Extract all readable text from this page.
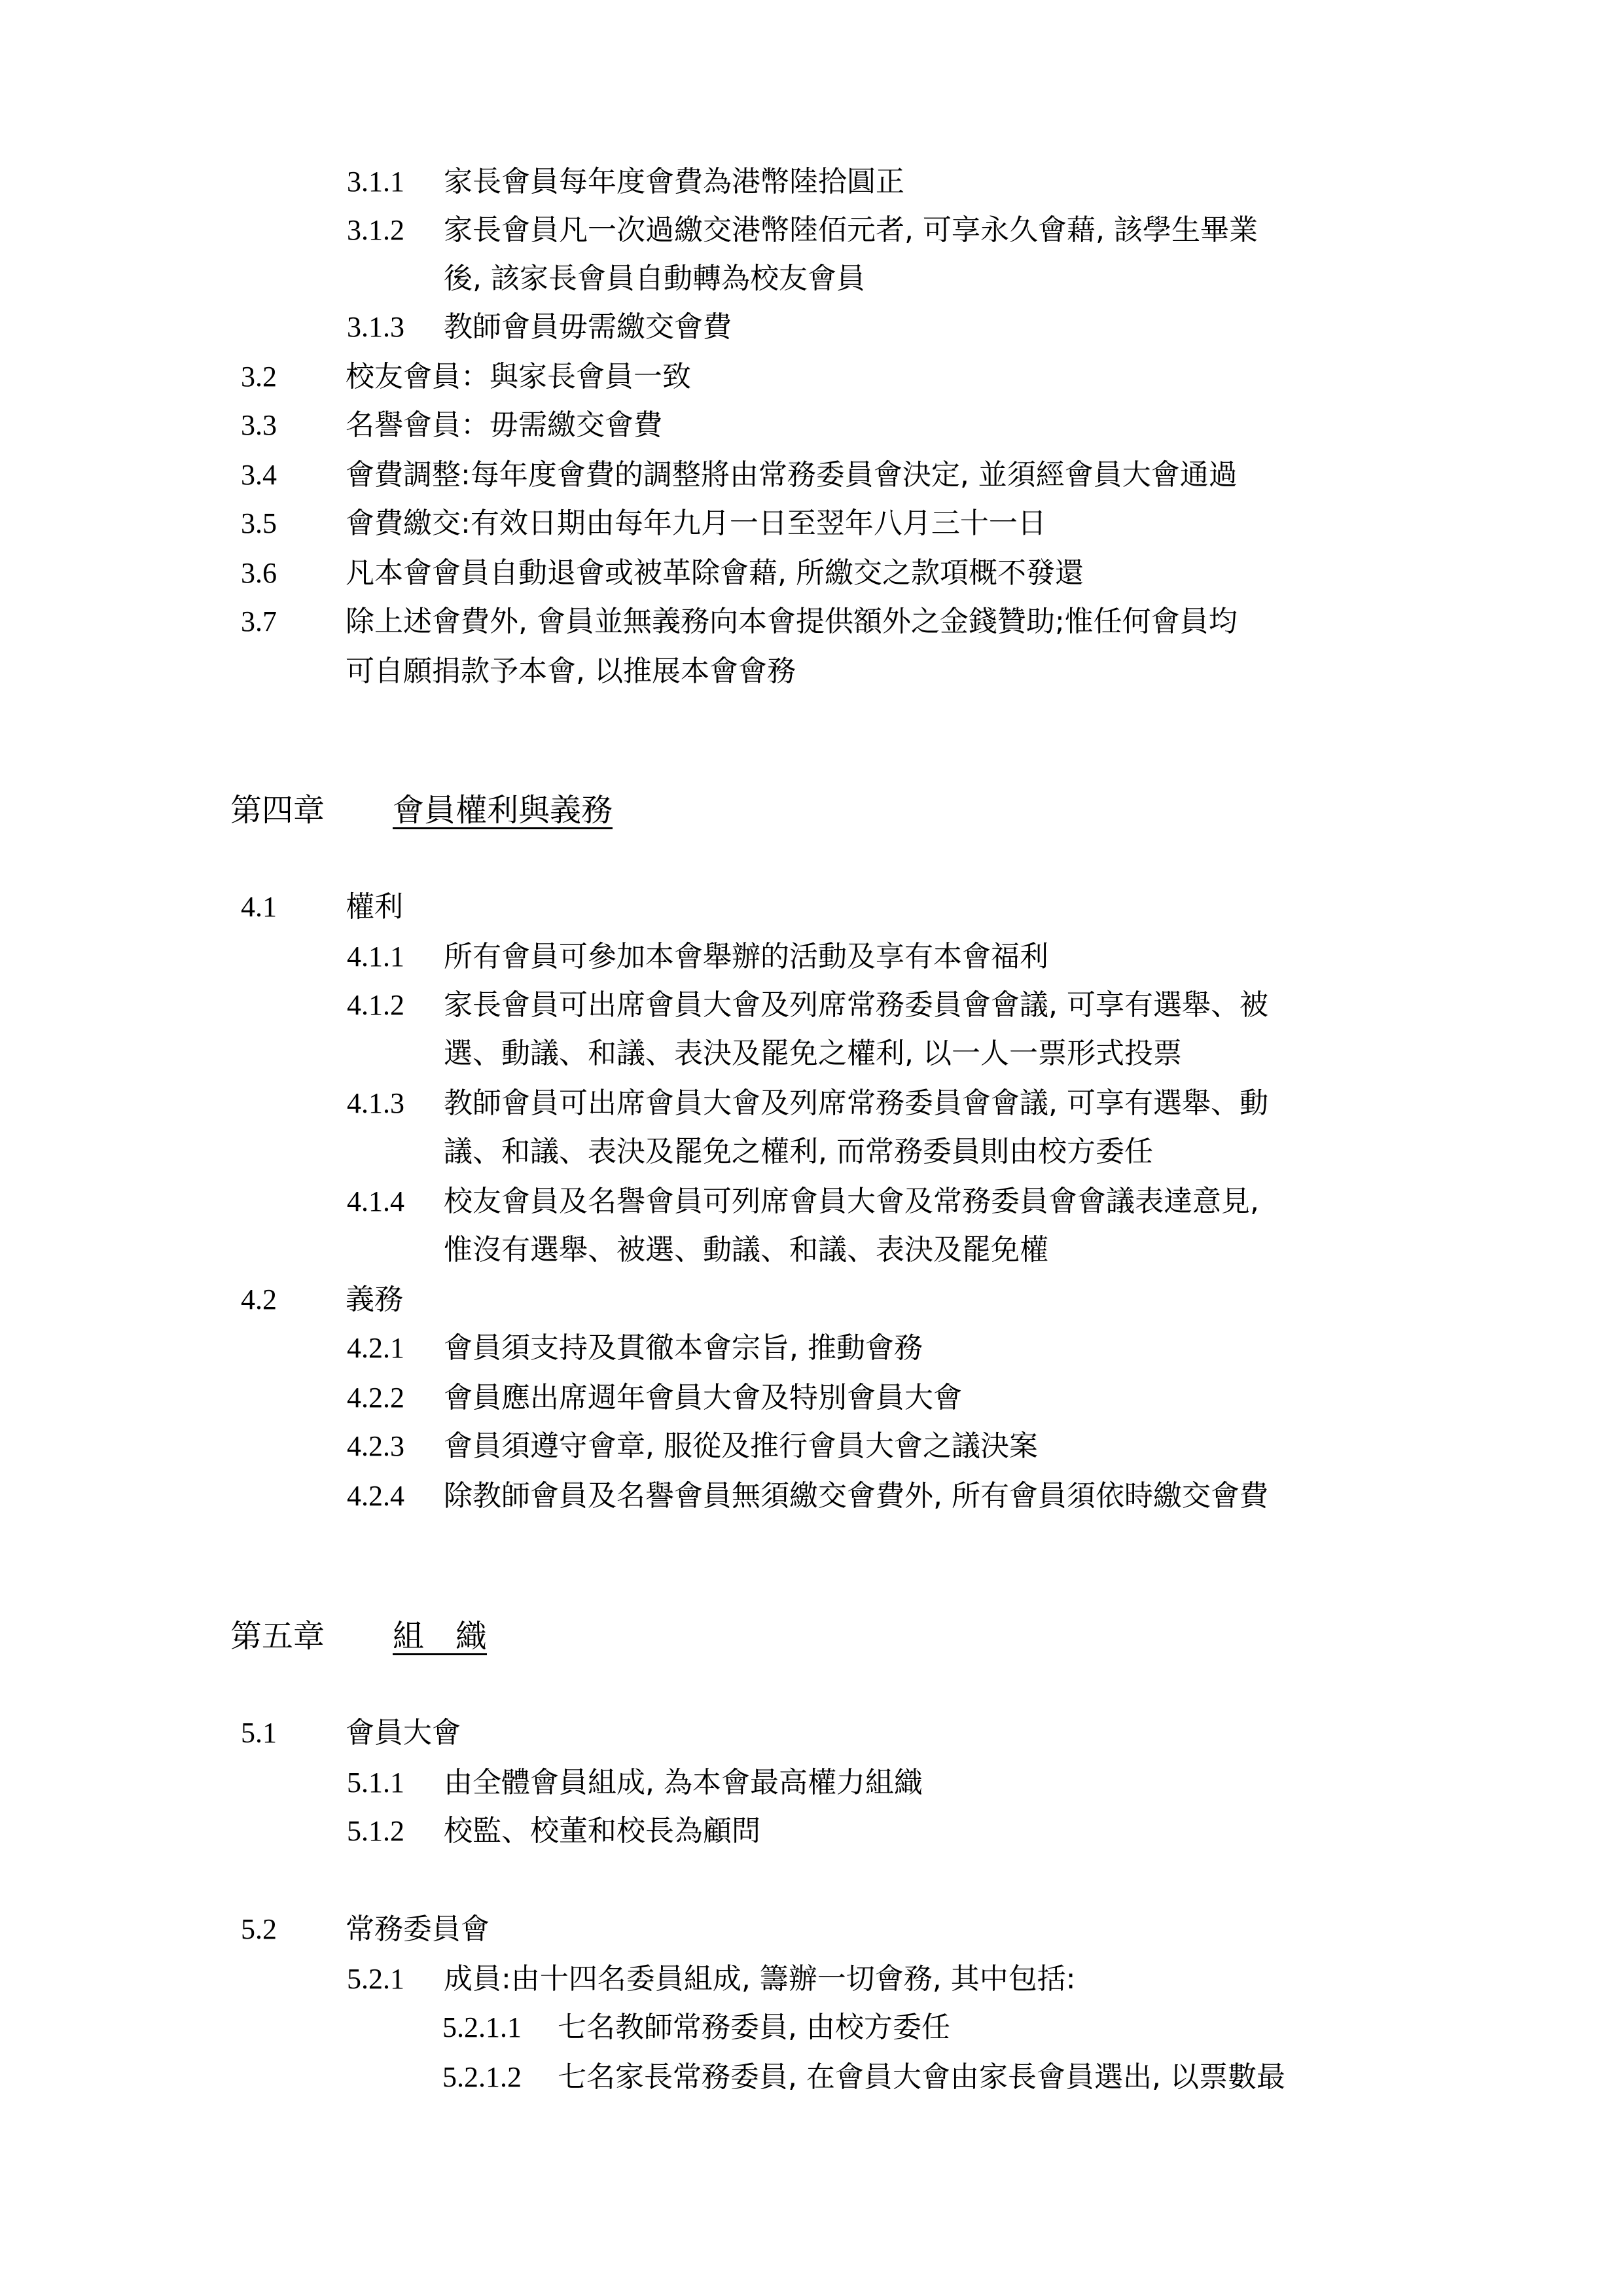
3.1.1 家長會員每年度會費為港幣陸拾圓正
3.1.2 家長會員凡一次過繳交港幣陸佰元者, 可享永久會藉, 該學生畢業
後, 該家長會員自動轉為校友會員
3.1.3 教師會員毋需繳交會費
3.2 校友會員：與家長會員一致
3.3 名譽會員：毋需繳交會費
3.4 會費調整:每年度會費的調整將由常務委員會決定, 並須經會員大會通過
3.5 會費繳交:有效日期由每年九月一日至翌年八月三十一日
3.6 凡本會會員自動退會或被革除會藉, 所繳交之款項概不發還
3.7 除上述會費外, 會員並無義務向本會提供額外之金錢贊助;惟任何會員均
可自願捐款予本會, 以推展本會會務
第四章 會員權利與義務
4.1 權利
4.1.1 所有會員可參加本會舉辦的活動及享有本會福利
4.1.2 家長會員可出席會員大會及列席常務委員會會議, 可享有選舉、被
選、動議、和議、表決及罷免之權利, 以一人一票形式投票
4.1.3 教師會員可出席會員大會及列席常務委員會會議, 可享有選舉、動
議、和議、表決及罷免之權利, 而常務委員則由校方委任
4.1.4 校友會員及名譽會員可列席會員大會及常務委員會會議表達意見,
惟沒有選舉、被選、動議、和議、表決及罷免權
4.2 義務
4.2.1 會員須支持及貫徹本會宗旨, 推動會務
4.2.2 會員應出席週年會員大會及特別會員大會
4.2.3 會員須遵守會章, 服從及推行會員大會之議決案
4.2.4 除教師會員及名譽會員無須繳交會費外, 所有會員須依時繳交會費
第五章 組　織
5.1 會員大會
5.1.1 由全體會員組成, 為本會最高權力組織
5.1.2 校監、校董和校長為顧問
5.2 常務委員會
5.2.1 成員:由十四名委員組成, 籌辦一切會務, 其中包括:
5.2.1.1 七名教師常務委員, 由校方委任
5.2.1.2 七名家長常務委員, 在會員大會由家長會員選出, 以票數最
